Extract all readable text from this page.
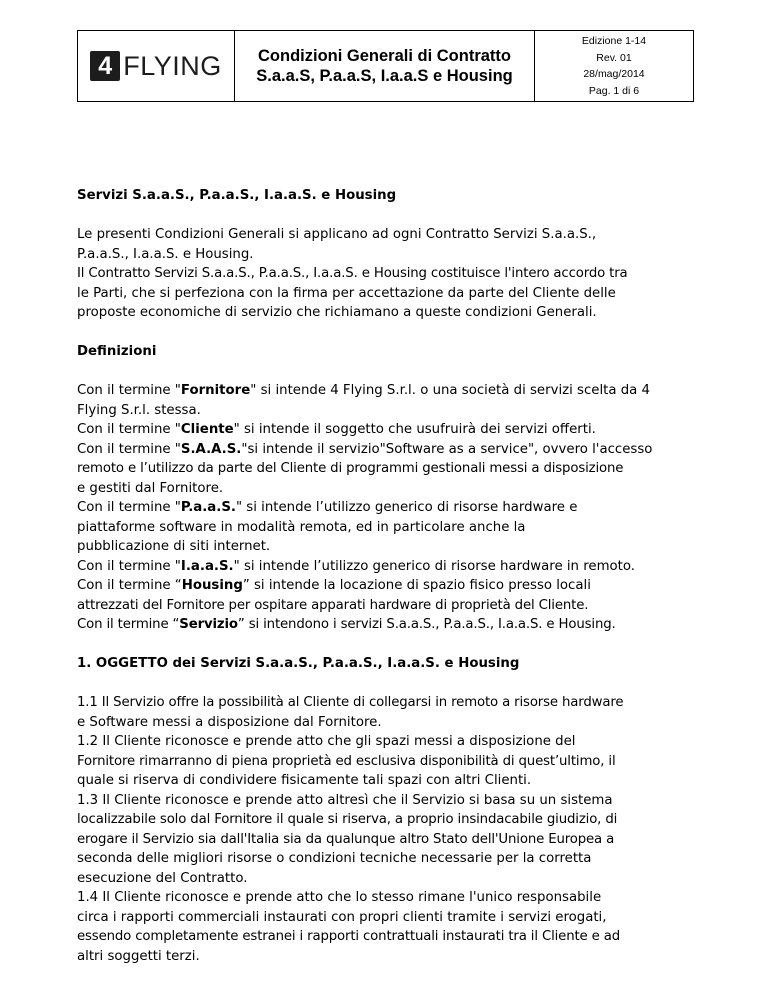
4 FLYING Condizioni Generali di Contratto
S.a.a.S, P.a.a.S, I.a.a.S e Housing
Edizione 1-14
Rev. 01
28/mag/2014
Pag. 1 di 6

Servizi S.a.a.S., P.a.a.S., I.a.a.S. e Housing

Le presenti Condizioni Generali si applicano ad ogni Contratto Servizi S.a.a.S.,

P.a.a.S., I.a.a.S. e Housing.

Il Contratto Servizi S.a.a.S., P.a.a.S., I.a.a.S. e Housing costituisce l'intero accordo tra

le Parti, che si perfeziona con la firma per accettazione da parte del Cliente delle

proposte economiche di servizio che richiamano a queste condizioni Generali.

Definizioni

Con il termine "Fornitore" si intende 4 Flying S.r.l. o una società di servizi scelta da 4

Flying S.r.l. stessa.

Con il termine "Cliente" si intende il soggetto che usufruirà dei servizi offerti.

Con il termine "S.A.A.S."si intende il servizio"Software as a service", ovvero l'accesso

remoto e l’utilizzo da parte del Cliente di programmi gestionali messi a disposizione

e gestiti dal Fornitore.

Con il termine "P.a.a.S." si intende l’utilizzo generico di risorse hardware e

piattaforme software in modalità remota, ed in particolare anche la

pubblicazione di siti internet.

Con il termine "I.a.a.S." si intende l’utilizzo generico di risorse hardware in remoto.

Con il termine “Housing” si intende la locazione di spazio fisico presso locali

attrezzati del Fornitore per ospitare apparati hardware di proprietà del Cliente.

Con il termine “Servizio” si intendono i servizi S.a.a.S., P.a.a.S., I.a.a.S. e Housing.

1. OGGETTO dei Servizi S.a.a.S., P.a.a.S., I.a.a.S. e Housing

1.1 Il Servizio offre la possibilità al Cliente di collegarsi in remoto a risorse hardware

e Software messi a disposizione dal Fornitore.

1.2 Il Cliente riconosce e prende atto che gli spazi messi a disposizione del

Fornitore rimarranno di piena proprietà ed esclusiva disponibilità di quest’ultimo, il

quale si riserva di condividere fisicamente tali spazi con altri Clienti.

1.3 Il Cliente riconosce e prende atto altresì che il Servizio si basa su un sistema

localizzabile solo dal Fornitore il quale si riserva, a proprio insindacabile giudizio, di

erogare il Servizio sia dall'Italia sia da qualunque altro Stato dell'Unione Europea a

seconda delle migliori risorse o condizioni tecniche necessarie per la corretta

esecuzione del Contratto.

1.4 Il Cliente riconosce e prende atto che lo stesso rimane l'unico responsabile

circa i rapporti commerciali instaurati con propri clienti tramite i servizi erogati,

essendo completamente estranei i rapporti contrattuali instaurati tra il Cliente e ad

altri soggetti terzi.
